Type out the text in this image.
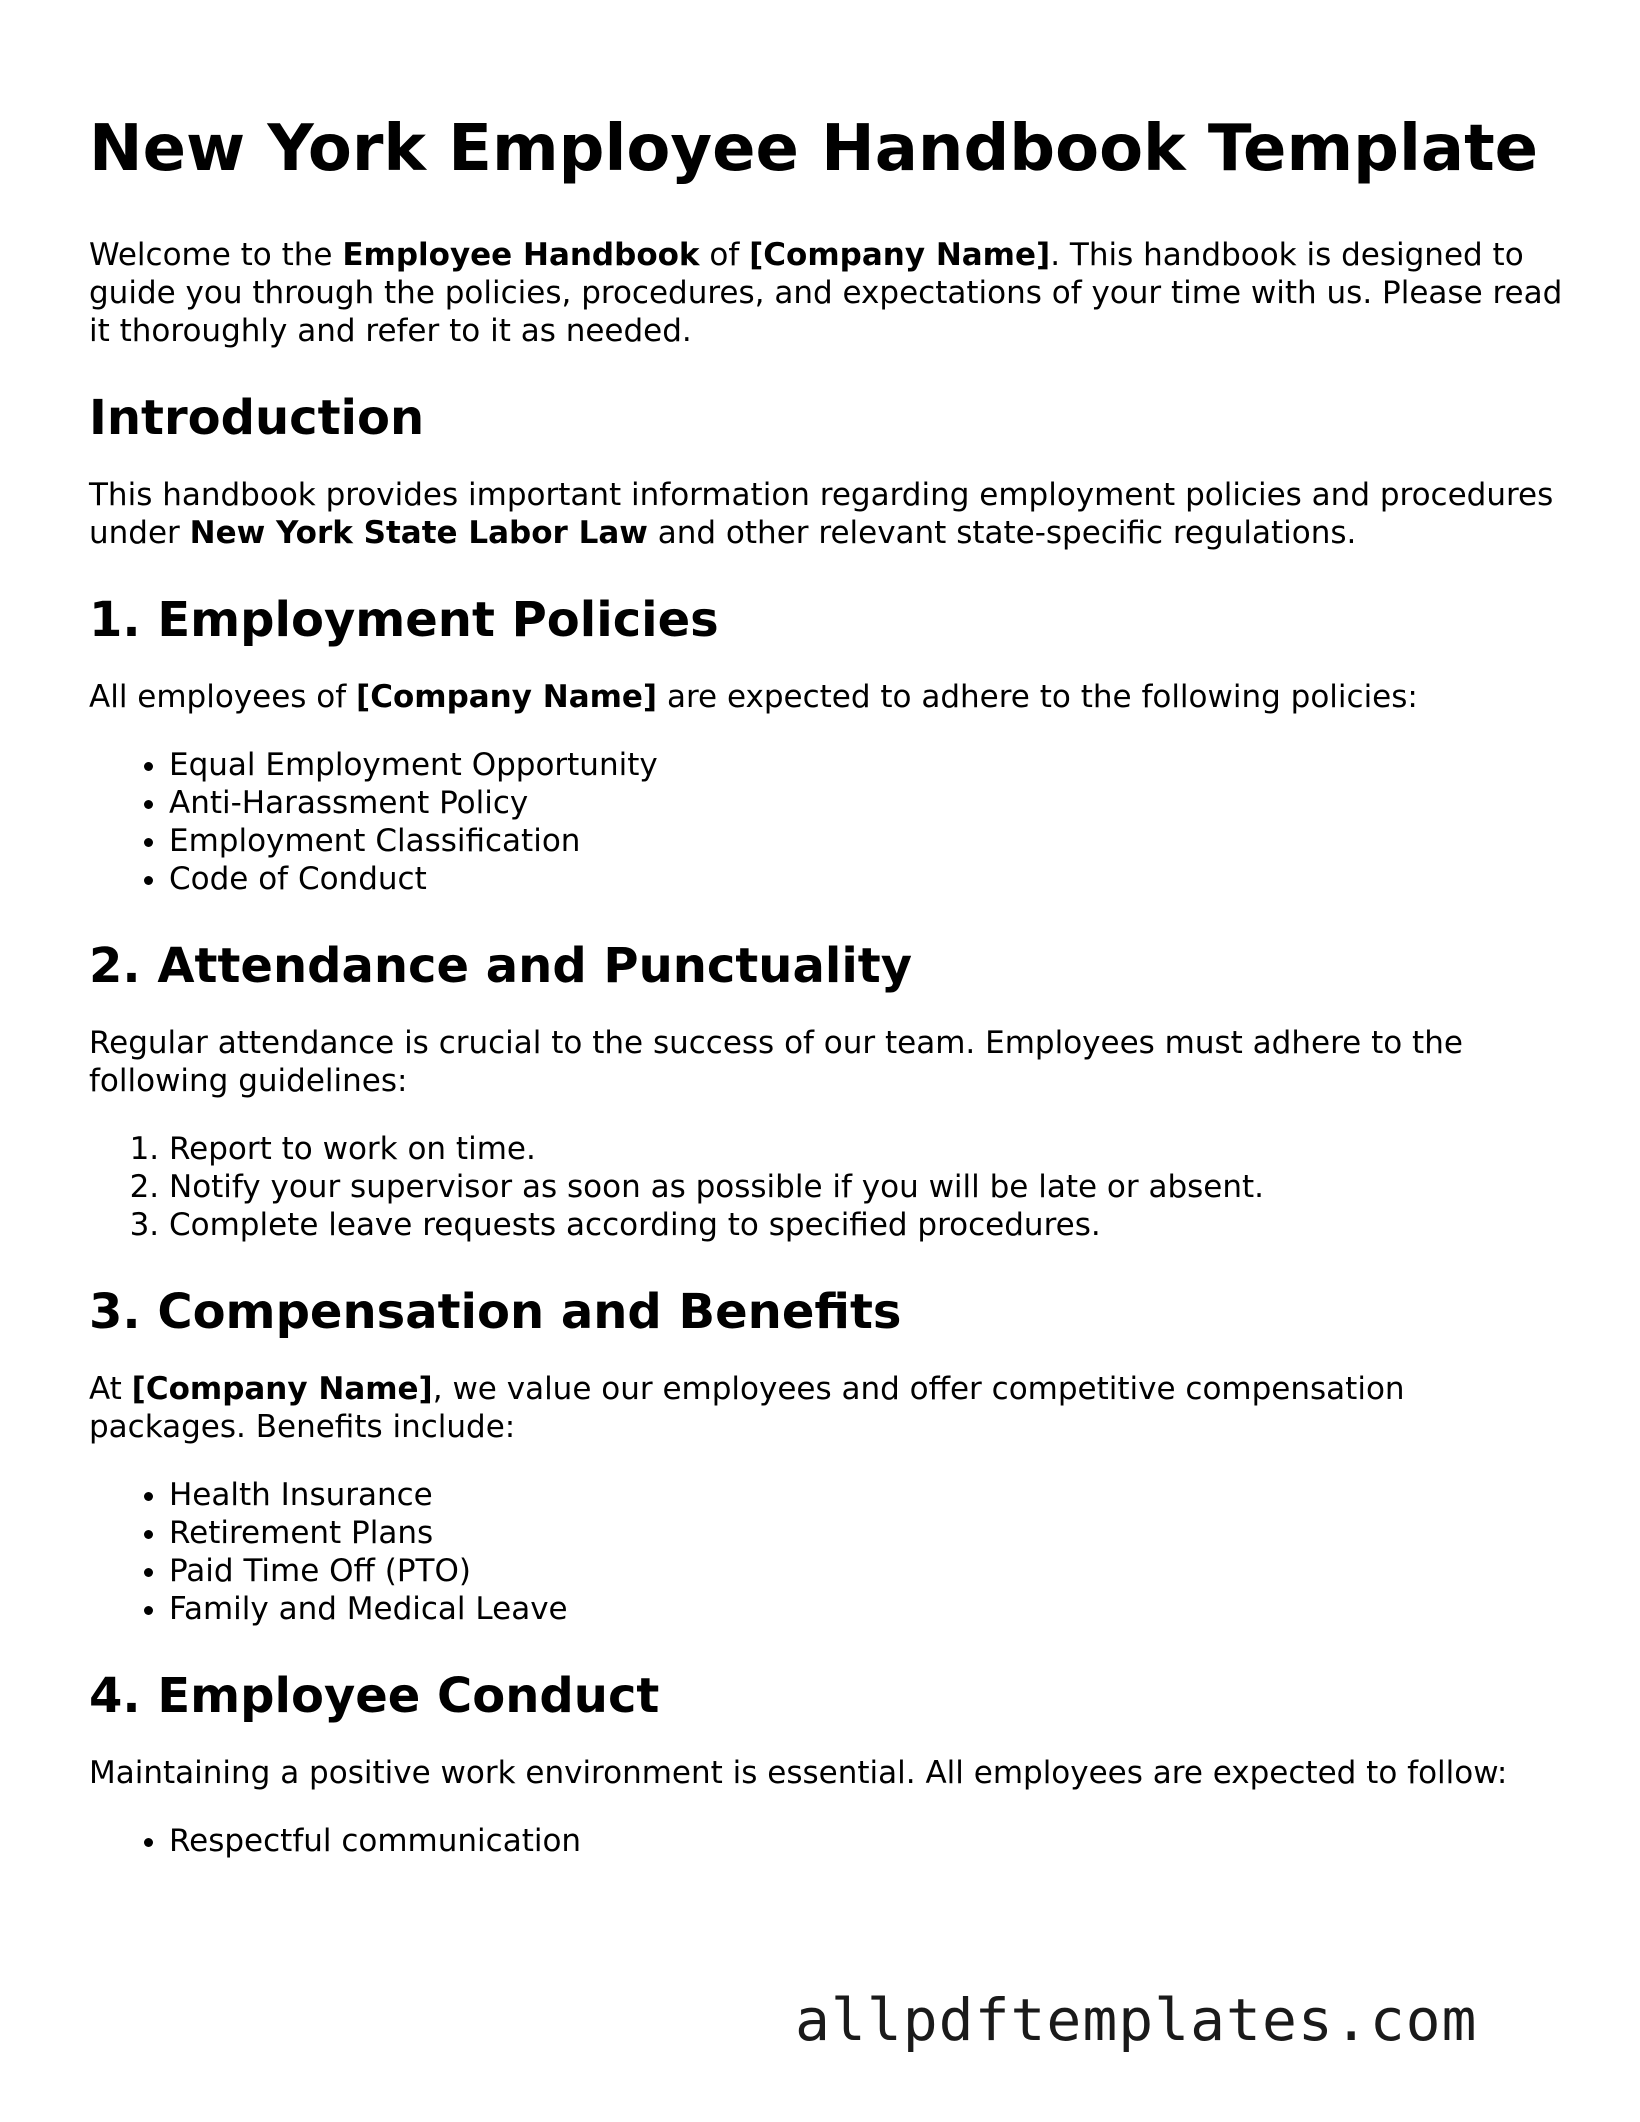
New York Employee Handbook Template

Welcome to the Employee Handbook of [Company Name]. This handbook is designed to guide you through the policies, procedures, and expectations of your time with us. Please read it thoroughly and refer to it as needed.

Introduction

This handbook provides important information regarding employment policies and procedures under New York State Labor Law and other relevant state-specific regulations.

1. Employment Policies

All employees of [Company Name] are expected to adhere to the following policies:

• Equal Employment Opportunity
• Anti-Harassment Policy
• Employment Classification
• Code of Conduct
2. Attendance and Punctuality

Regular attendance is crucial to the success of our team. Employees must adhere to the following guidelines:

1. Report to work on time.
2. Notify your supervisor as soon as possible if you will be late or absent.
3. Complete leave requests according to specified procedures.
3. Compensation and Benefits

At [Company Name], we value our employees and offer competitive compensation packages. Benefits include:

• Health Insurance
• Retirement Plans
• Paid Time Off (PTO)
• Family and Medical Leave
4. Employee Conduct

Maintaining a positive work environment is essential. All employees are expected to follow:

• Respectful communication
allpdftemplates.com
